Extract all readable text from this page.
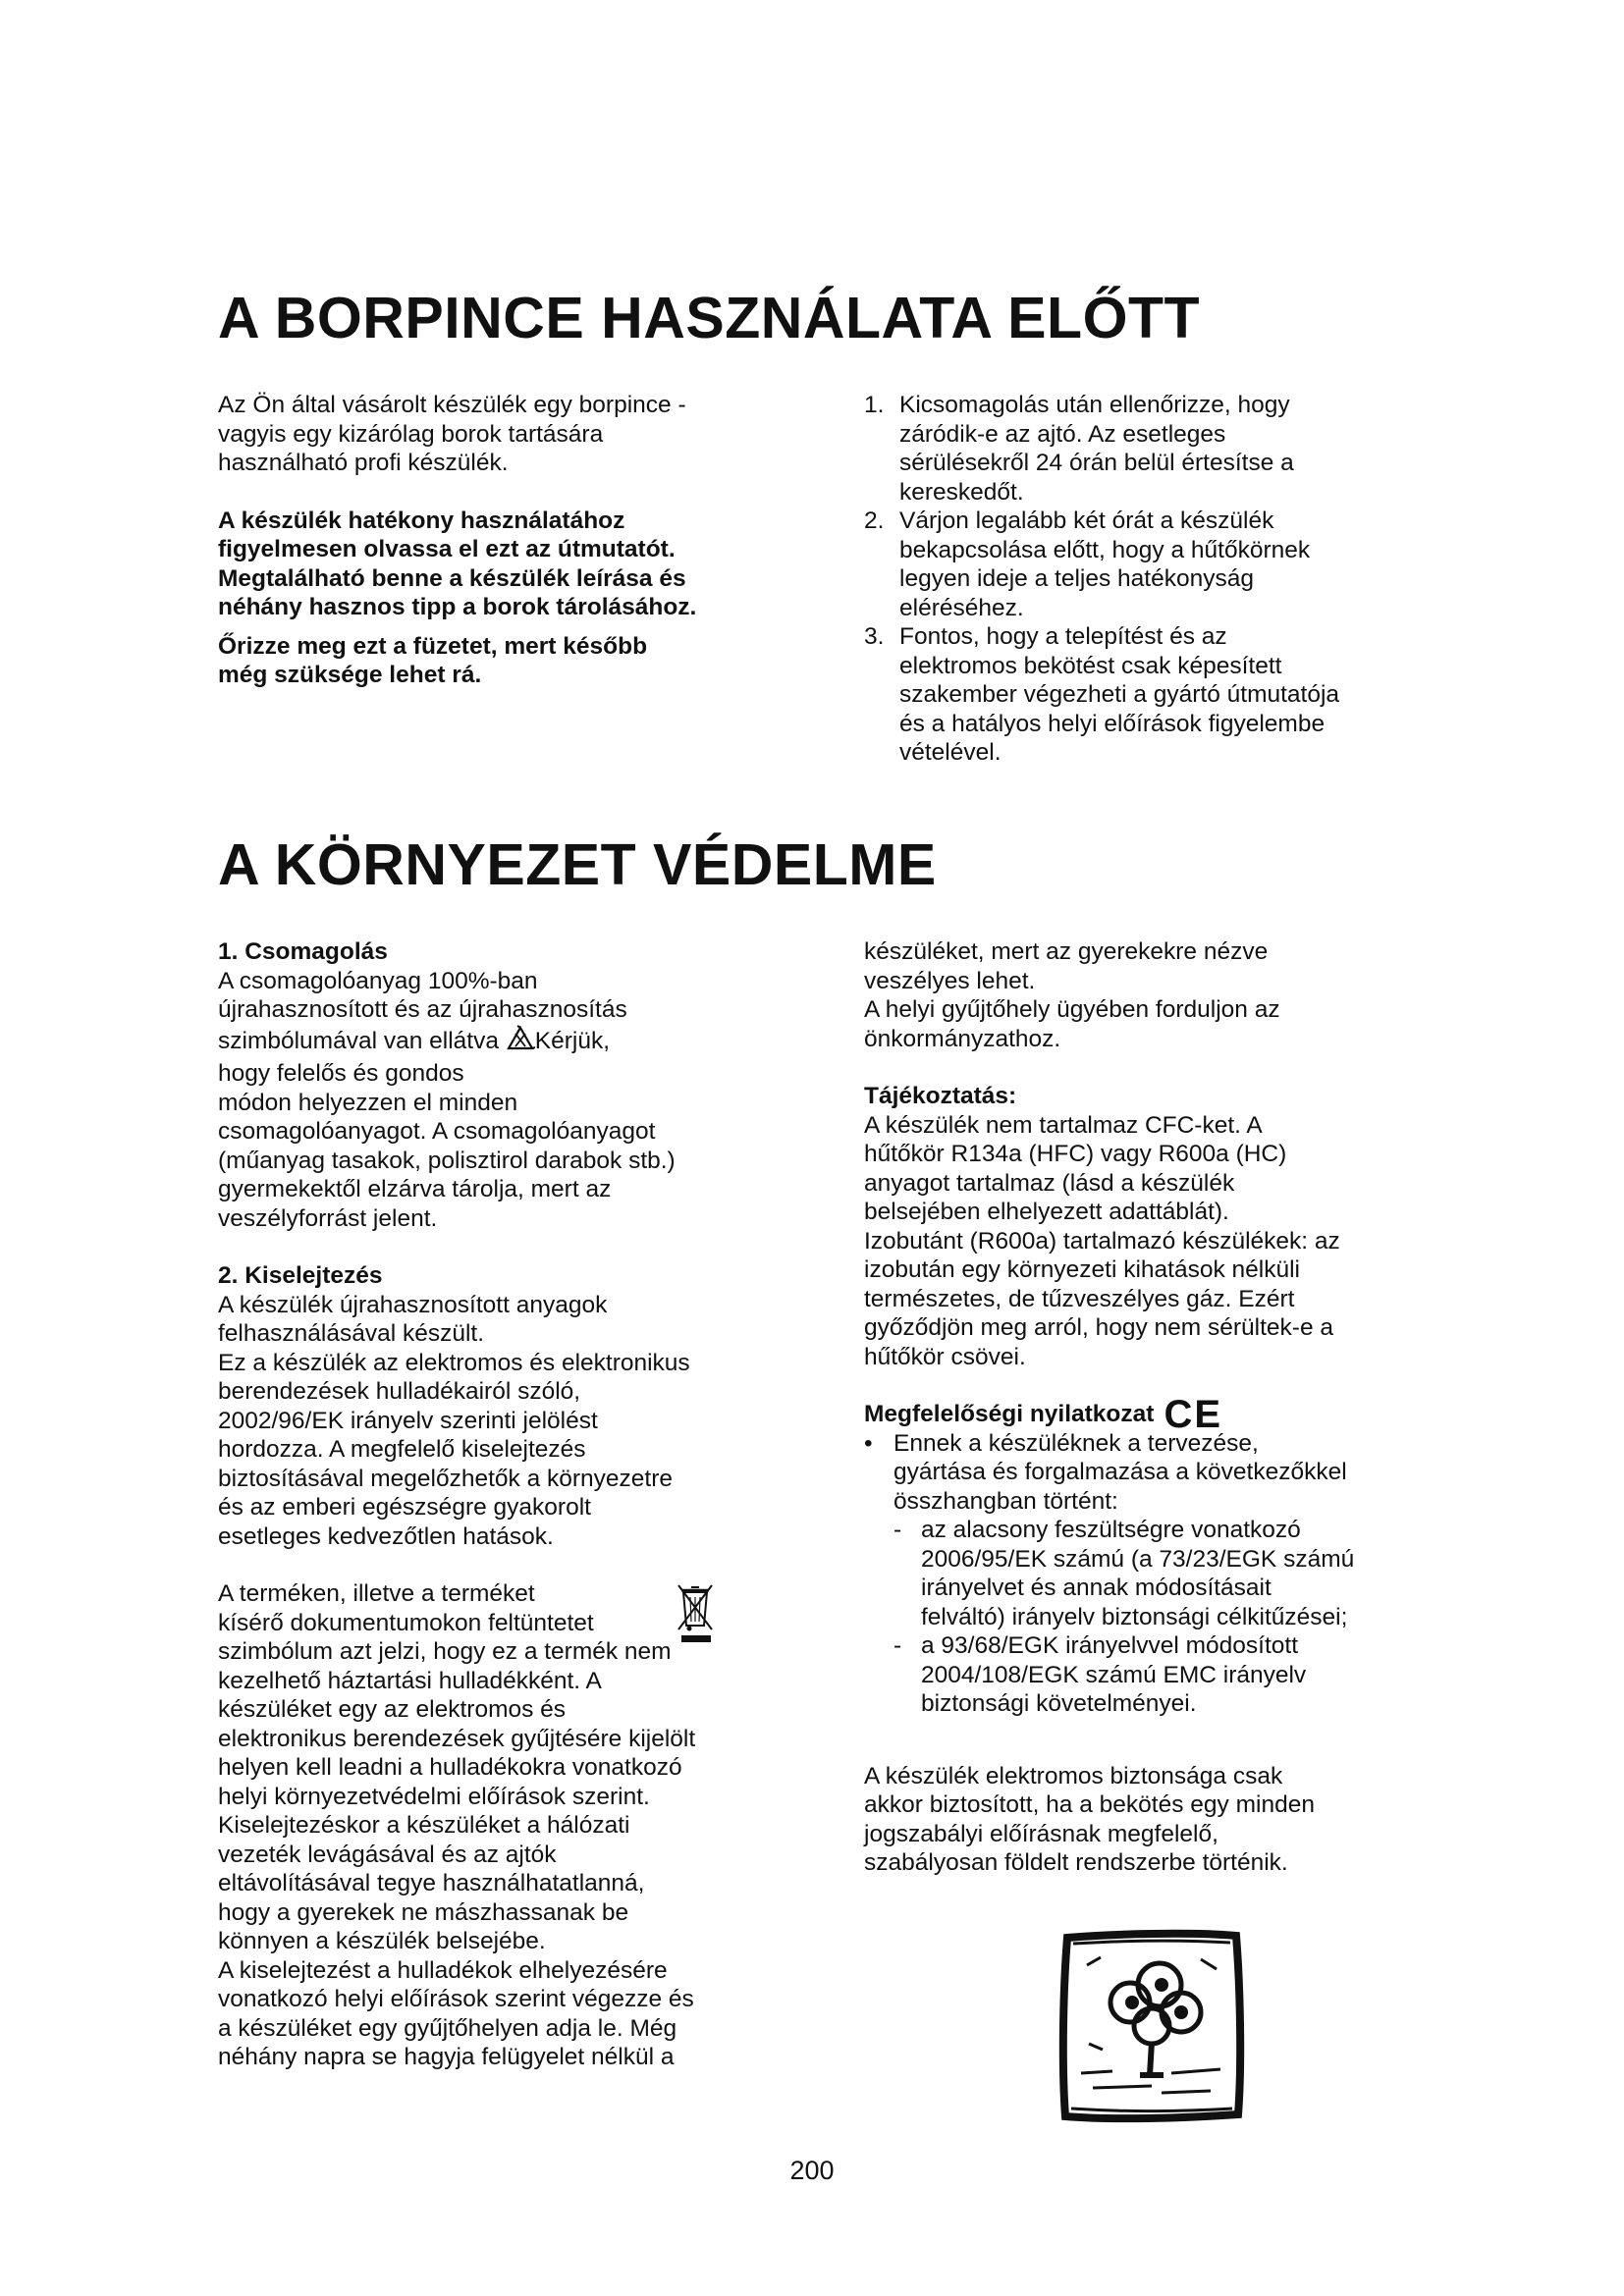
A BORPINCE HASZNÁLATA ELŐTT

Az Ön által vásárolt készülék egy borpince -
vagyis egy kizárólag borok tartására
használható profi készülék.

A készülék hatékony használatához
figyelmesen olvassa el ezt az útmutatót.
Megtalálható benne a készülék leírása és
néhány hasznos tipp a borok tárolásához.

Őrizze meg ezt a füzetet, mert később
még szüksége lehet rá.

1. Kicsomagolás után ellenőrizze, hogy
záródik-e az ajtó. Az esetleges
sérülésekről 24 órán belül értesítse a
kereskedőt.
2. Várjon legalább két órát a készülék
bekapcsolása előtt, hogy a hűtőkörnek
legyen ideje a teljes hatékonyság
eléréséhez.
3. Fontos, hogy a telepítést és az
elektromos bekötést csak képesített
szakember végezheti a gyártó útmutatója
és a hatályos helyi előírások figyelembe
vételével.
A KÖRNYEZET VÉDELME

1. Csomagolás

A csomagolóanyag 100%-ban
újrahasznosított és az újrahasznosítás
szimbólumával van ellátva Kérjük,
hogy felelős és gondos
módon helyezzen el minden
csomagolóanyagot. A csomagolóanyagot
(műanyag tasakok, polisztirol darabok stb.)
gyermekektől elzárva tárolja, mert az
veszélyforrást jelent.

2. Kiselejtezés

A készülék újrahasznosított anyagok
felhasználásával készült.
Ez a készülék az elektromos és elektronikus
berendezések hulladékairól szóló,
2002/96/EK irányelv szerinti jelölést
hordozza. A megfelelő kiselejtezés
biztosításával megelőzhetők a környezetre
és az emberi egészségre gyakorolt
esetleges kedvezőtlen hatások.

A terméken, illetve a terméket
kísérő dokumentumokon feltüntetet
szimbólum azt jelzi, hogy ez a termék nem
kezelhető háztartási hulladékként. A
készüléket egy az elektromos és
elektronikus berendezések gyűjtésére kijelölt
helyen kell leadni a hulladékokra vonatkozó
helyi környezetvédelmi előírások szerint.
Kiselejtezéskor a készüléket a hálózati
vezeték levágásával és az ajtók
eltávolításával tegye használhatatlanná,
hogy a gyerekek ne mászhassanak be
könnyen a készülék belsejébe.
A kiselejtezést a hulladékok elhelyezésére
vonatkozó helyi előírások szerint végezze és
a készüléket egy gyűjtőhelyen adja le. Még
néhány napra se hagyja felügyelet nélkül a

készüléket, mert az gyerekekre nézve
veszélyes lehet.
A helyi gyűjtőhely ügyében forduljon az
önkormányzathoz.

Tájékoztatás:

A készülék nem tartalmaz CFC-ket. A
hűtőkör R134a (HFC) vagy R600a (HC)
anyagot tartalmaz (lásd a készülék
belsejében elhelyezett adattáblát).
Izobutánt (R600a) tartalmazó készülékek: az
izobután egy környezeti kihatások nélküli
természetes, de tűzveszélyes gáz. Ezért
győződjön meg arról, hogy nem sérültek-e a
hűtőkör csövei.

Megfelelőségi nyilatkozat CE

• Ennek a készüléknek a tervezése,
gyártása és forgalmazása a következőkkel
összhangban történt:

- az alacsony feszültségre vonatkozó
2006/95/EK számú (a 73/23/EGK számú
irányelvet és annak módosításait
felváltó) irányelv biztonsági célkitűzései;

- a 93/68/EGK irányelvvel módosított
2004/108/EGK számú EMC irányelv
biztonsági követelményei.

A készülék elektromos biztonsága csak
akkor biztosított, ha a bekötés egy minden
jogszabályi előírásnak megfelelő,
szabályosan földelt rendszerbe történik.

200
